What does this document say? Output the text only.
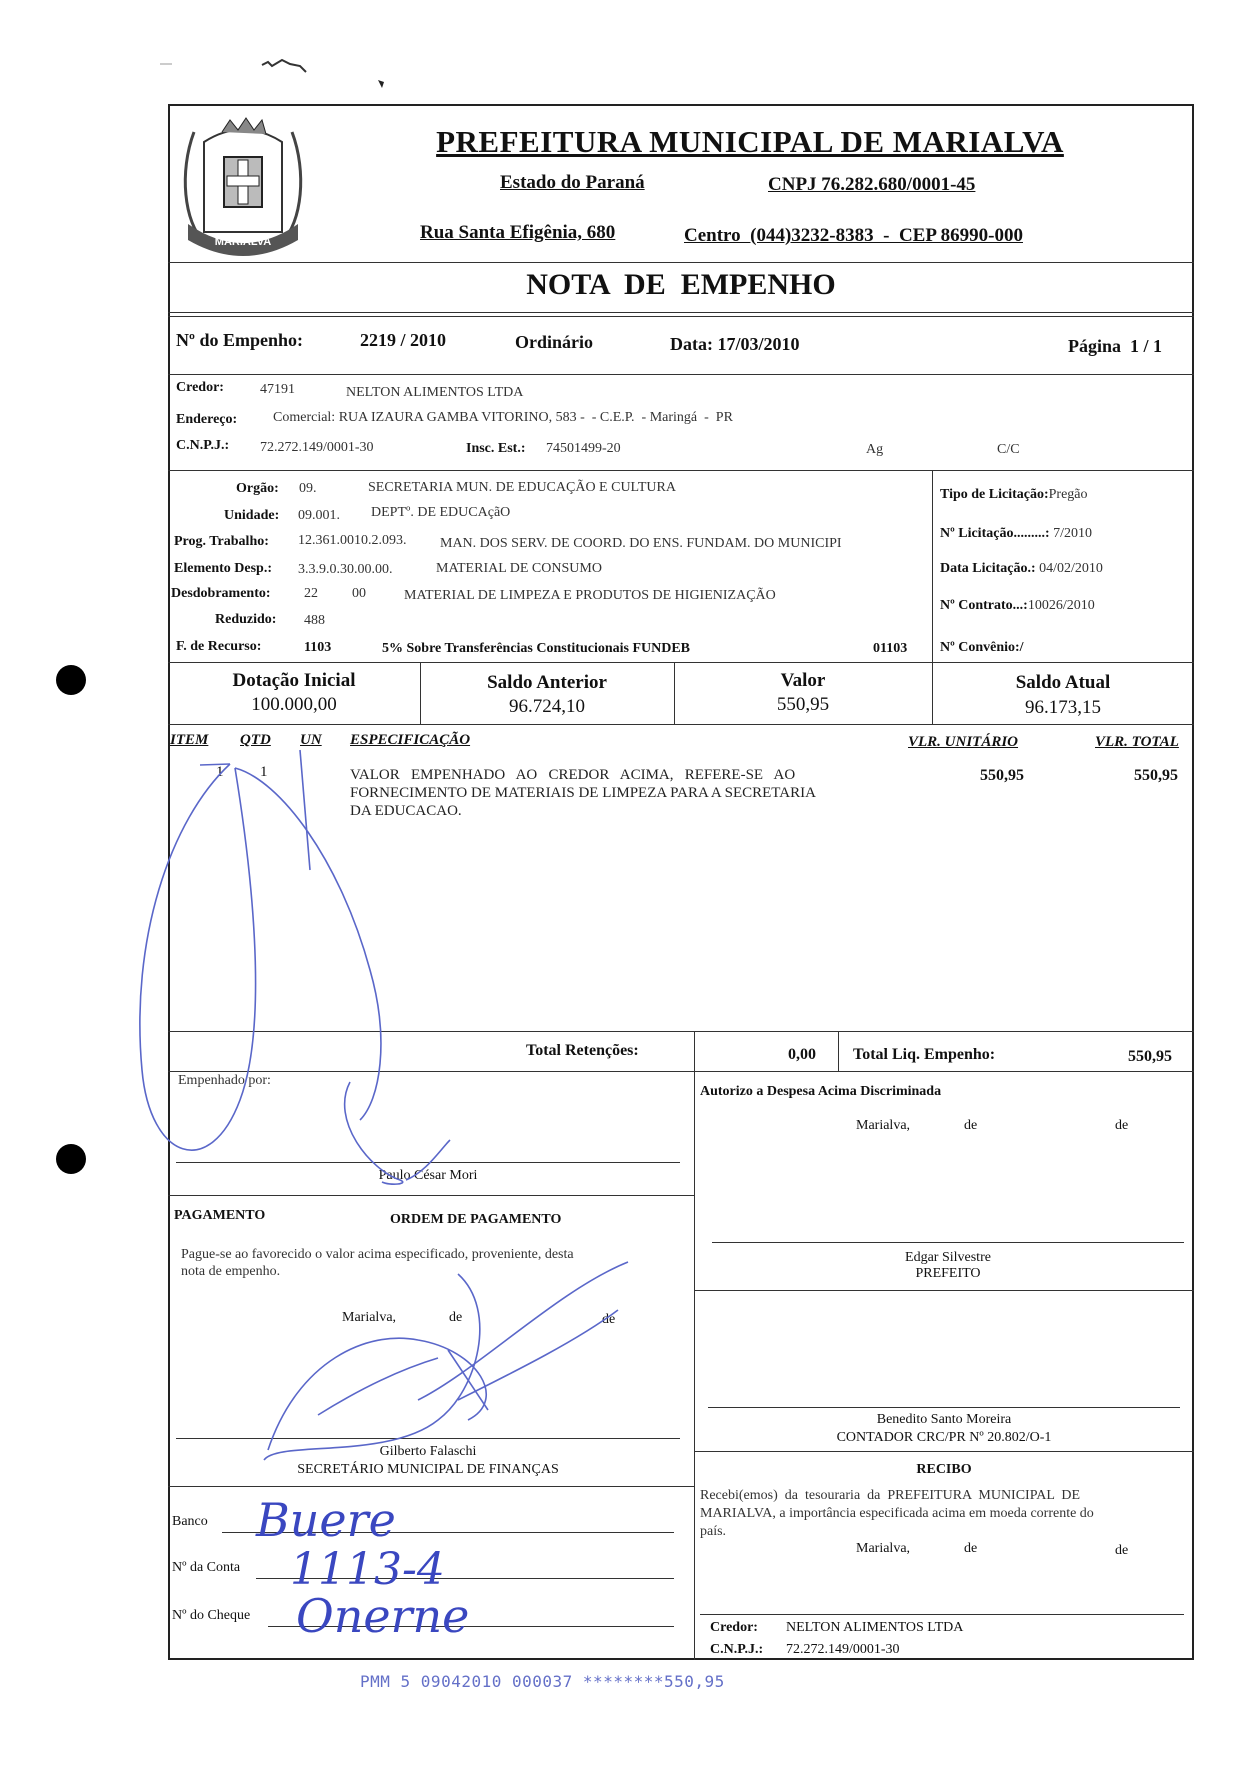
MARIALVA
PREFEITURA MUNICIPAL DE MARIALVA
Estado do Paraná	CNPJ 76.282.680/0001-45
Rua Santa Efigênia, 680	Centro  (044)3232-8383  -  CEP 86990-000
NOTA  DE  EMPENHO
Nº do Empenho:	2219 / 2010	Ordinário	Data: 17/03/2010	Página  1 / 1
Credor:	47191	NELTON ALIMENTOS LTDA
Endereço:	Comercial: RUA IZAURA GAMBA VITORINO, 583 -  - C.E.P.  - Maringá  -  PR
C.N.P.J.: 72.272.149/0001-30	Insc. Est.: 74501499-20	Ag	C/C
Orgão: 09.	SECRETARIA MUN. DE EDUCAÇÃO E CULTURA
Unidade: 09.001. DEPTº. DE EDUCAçãO
Prog. Trabalho: 12.361.0010.2.093. MAN. DOS SERV. DE COORD. DO ENS. FUNDAM. DO MUNICIPI
Elemento Desp.: 3.3.9.0.30.00.00.	MATERIAL DE CONSUMO
Desdobramento: 22 00	MATERIAL DE LIMPEZA E PRODUTOS DE HIGIENIZAÇÃO
Reduzido: 488
F. de Recurso:	1103	5% Sobre Transferências Constitucionais FUNDEB	01103
Tipo de Licitação:Pregão
Nº Licitação.........: 7/2010
Data Licitação.: 04/02/2010
Nº Contrato...:10026/2010
Nº Convênio:/
Dotação Inicial
100.000,00
Saldo Anterior
96.724,10
Valor
550,95
Saldo Atual
96.173,15
ITEM QTD UN ESPECIFICAÇÃO	VLR. UNITÁRIO	VLR. TOTAL
1 1	VALOR   EMPENHADO   AO   CREDOR   ACIMA,   REFERE-SE   AO
FORNECIMENTO DE MATERIAIS DE LIMPEZA PARA A SECRETARIA
DA EDUCACAO.
550,95	550,95
Total Retenções:	0,00 Total Liq. Empenho:	550,95
Empenhado por:
Paulo César Mori
Autorizo a Despesa Acima Discriminada
Marialva,	de	de
Edgar Silvestre
PREFEITO
PAGAMENTO	ORDEM DE PAGAMENTO
Pague-se ao favorecido o valor acima especificado, proveniente, desta
nota de empenho.
Marialva,	de	de
Gilberto Falaschi
SECRETÁRIO MUNICIPAL DE FINANÇAS
Banco
Nº da Conta
Nº do Cheque
Benedito Santo Moreira
CONTADOR CRC/PR Nº 20.802/O-1
RECIBO
Recebi(emos)  da  tesouraria  da  PREFEITURA  MUNICIPAL  DE
MARIALVA, a importância especificada acima em moeda corrente do
país.
Marialva,	de	de
Credor: NELTON ALIMENTOS LTDA
C.N.P.J.: 72.272.149/0001-30
PMM 5 09042010 000037 ********550,95
Buere
1113-4
Onerne
